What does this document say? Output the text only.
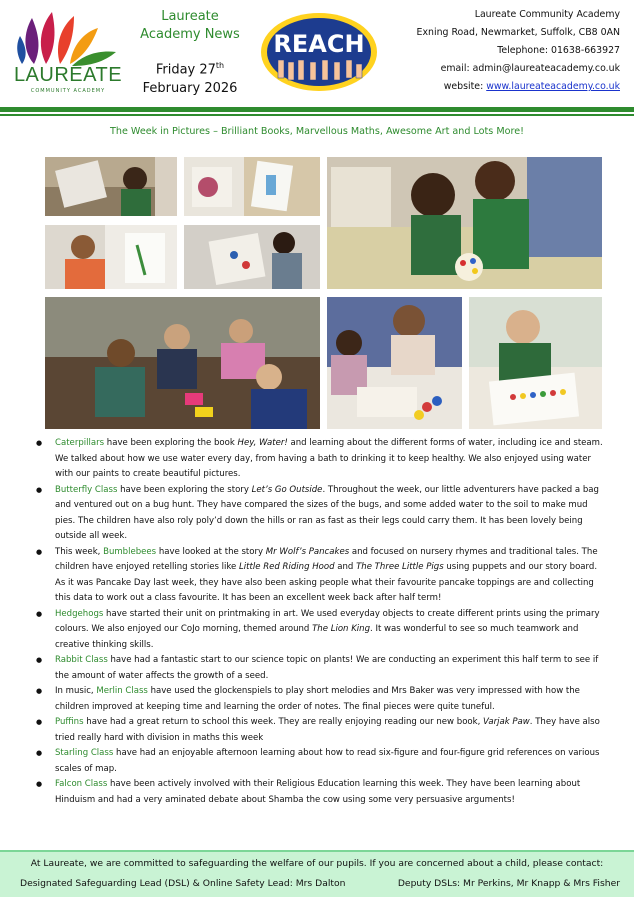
LAUREATE
COMMUNITY ACADEMY
Laureate
Academy News
Friday 27th
February 2026
REACH
Laureate Community Academy
Exning Road, Newmarket, Suffolk, CB8 0AN
Telephone: 01638-663927
email: admin@laureateacademy.co.uk
website: www.laureateacademy.co.uk
The Week in Pictures – Brilliant Books, Marvellous Maths, Awesome Art and Lots More!
● Caterpillars have been exploring the book Hey, Water! and learning about the different forms of water, including ice and steam. We talked about how we use water every day, from having a bath to drinking it to keep healthy. We also enjoyed using water with our paints to create beautiful pictures.
● Butterfly Class have been exploring the story Let’s Go Outside. Throughout the week, our little adventurers have packed a bag and ventured out on a bug hunt. They have compared the sizes of the bugs, and some added water to the soil to make mud pies. The children have also roly poly’d down the hills or ran as fast as their legs could carry them. It has been lovely being outside all week.
● This week, Bumblebees have looked at the story Mr Wolf’s Pancakes and focused on nursery rhymes and traditional tales. The children have enjoyed retelling stories like Little Red Riding Hood and The Three Little Pigs using puppets and our story board. As it was Pancake Day last week, they have also been asking people what their favourite pancake toppings are and collecting this data to work out a class favourite. It has been an excellent week back after half term!
● Hedgehogs have started their unit on printmaking in art. We used everyday objects to create different prints using the primary colours. We also enjoyed our CoJo morning, themed around The Lion King. It was wonderful to see so much teamwork and creative thinking skills.
● Rabbit Class have had a fantastic start to our science topic on plants! We are conducting an experiment this half term to see if the amount of water affects the growth of a seed.
● In music, Merlin Class have used the glockenspiels to play short melodies and Mrs Baker was very impressed with how the children improved at keeping time and learning the order of notes. The final pieces were quite tuneful.
● Puffins have had a great return to school this week. They are really enjoying reading our new book, Varjak Paw. They have also tried really hard with division in maths this week
● Starling Class have had an enjoyable afternoon learning about how to read six-figure and four-figure grid references on various scales of map.
● Falcon Class have been actively involved with their Religious Education learning this week. They have been learning about Hinduism and had a very aminated debate about Shamba the cow using some very persuasive arguments!
At Laureate, we are committed to safeguarding the welfare of our pupils. If you are concerned about a child, please contact:
Designated Safeguarding Lead (DSL) & Online Safety Lead: Mrs Dalton	Deputy DSLs: Mr Perkins, Mr Knapp & Mrs Fisher
